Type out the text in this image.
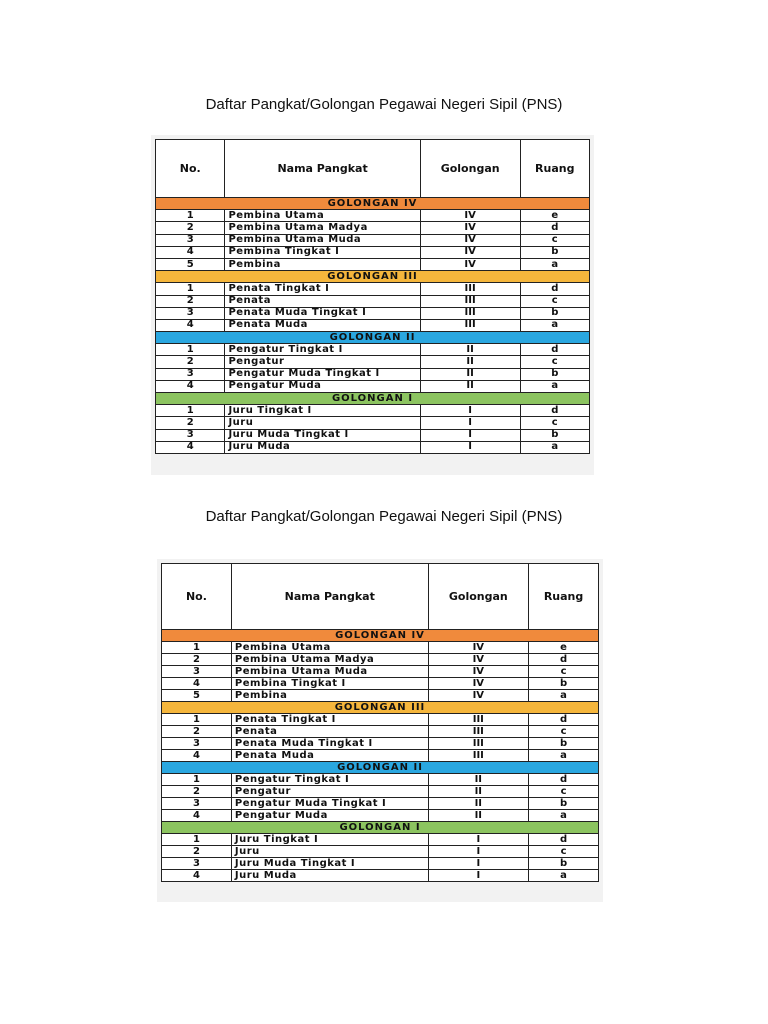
Daftar Pangkat/Golongan Pegawai Negeri Sipil (PNS)
No.	Nama Pangkat	Golongan	Ruang
GOLONGAN IV			
1	Pembina Utama	IV	e
2	Pembina Utama Madya	IV	d
3	Pembina Utama Muda	IV	c
4	Pembina Tingkat I	IV	b
5	Pembina	IV	a
GOLONGAN III			
1	Penata Tingkat I	III	d
2	Penata	III	c
3	Penata Muda Tingkat I	III	b
4	Penata Muda	III	a
GOLONGAN II			
1	Pengatur Tingkat I	II	d
2	Pengatur	II	c
3	Pengatur Muda Tingkat I	II	b
4	Pengatur Muda	II	a
GOLONGAN I			
1	Juru Tingkat I	I	d
2	Juru	I	c
3	Juru Muda Tingkat I	I	b
4	Juru Muda	I	a
Daftar Pangkat/Golongan Pegawai Negeri Sipil (PNS)
No.	Nama Pangkat	Golongan	Ruang
GOLONGAN IV			
1	Pembina Utama	IV	e
2	Pembina Utama Madya	IV	d
3	Pembina Utama Muda	IV	c
4	Pembina Tingkat I	IV	b
5	Pembina	IV	a
GOLONGAN III			
1	Penata Tingkat I	III	d
2	Penata	III	c
3	Penata Muda Tingkat I	III	b
4	Penata Muda	III	a
GOLONGAN II			
1	Pengatur Tingkat I	II	d
2	Pengatur	II	c
3	Pengatur Muda Tingkat I	II	b
4	Pengatur Muda	II	a
GOLONGAN I			
1	Juru Tingkat I	I	d
2	Juru	I	c
3	Juru Muda Tingkat I	I	b
4	Juru Muda	I	a
